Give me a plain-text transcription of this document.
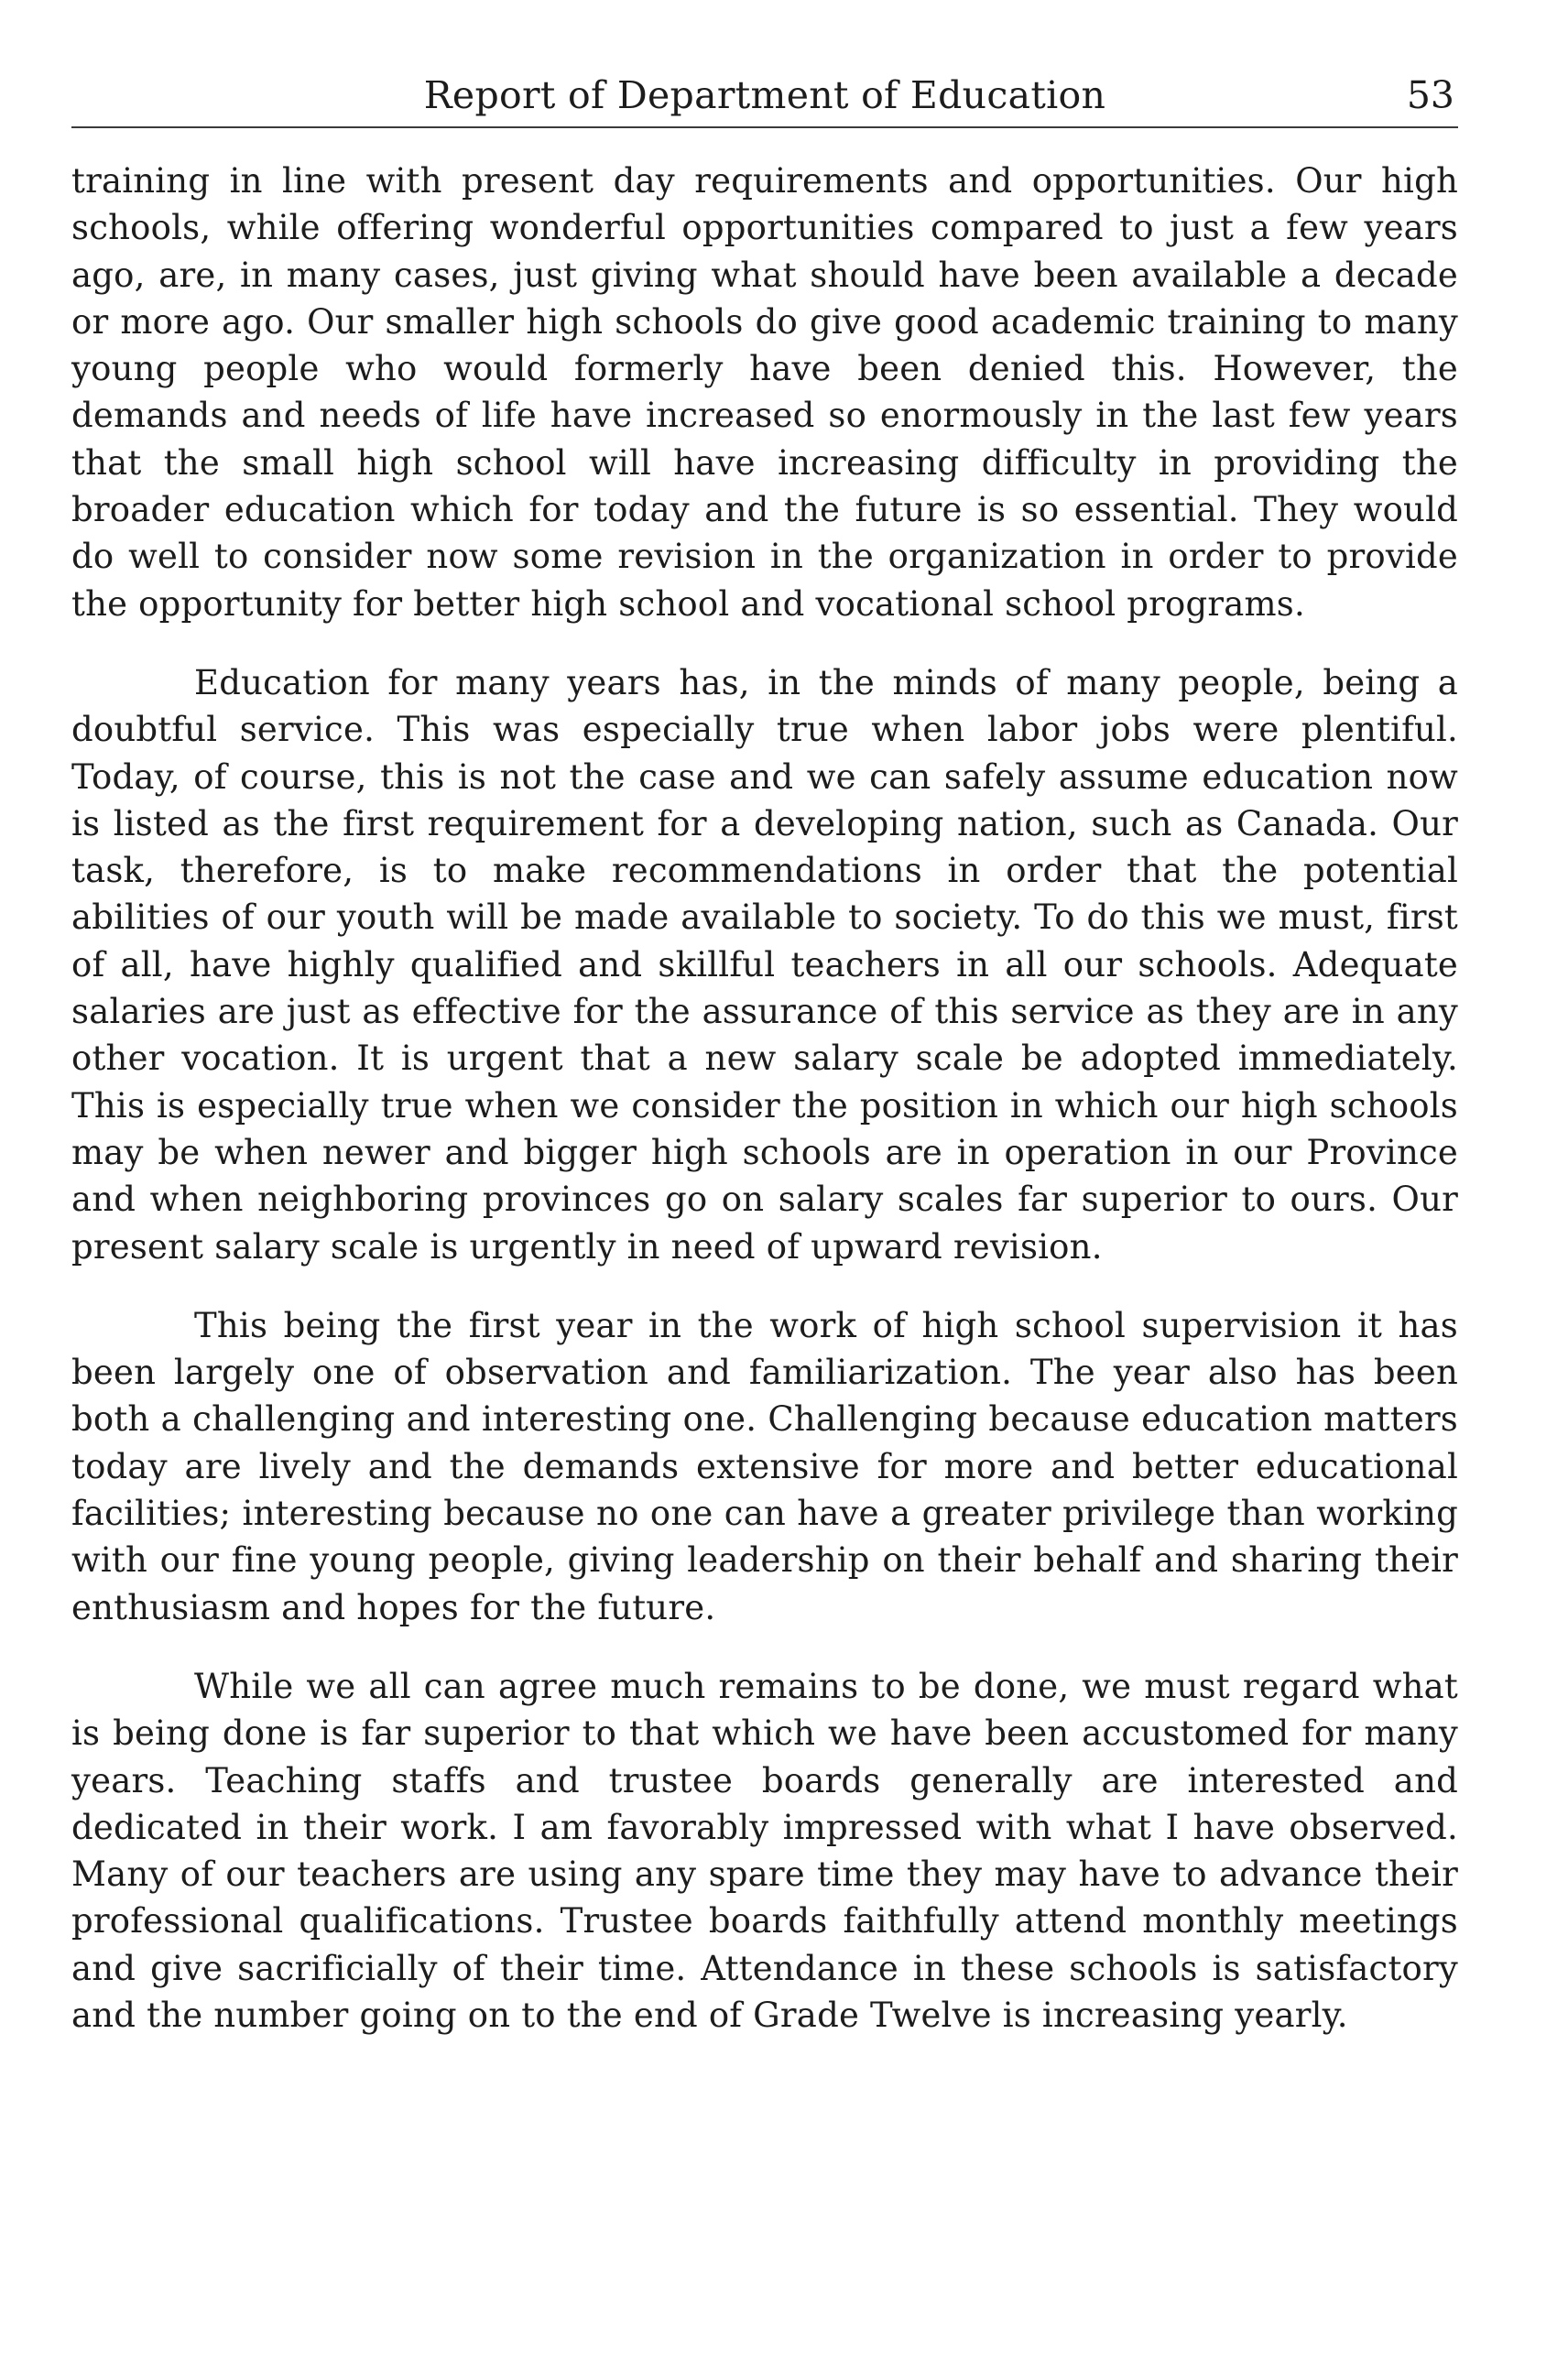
Report of Department of Education	53

training in line with present day requirements and opportunities. Our high schools, while offering wonderful opportunities compared to just a few years ago, are, in many cases, just giving what should have been available a decade or more ago. Our smaller high schools do give good academic training to many young people who would formerly have been denied this. However, the demands and needs of life have increased so enormously in the last few years that the small high school will have increasing difficulty in providing the broader education which for today and the future is so essential. They would do well to consider now some revision in the organization in order to provide the opportunity for better high school and vocational school programs.

Education for many years has, in the minds of many people, being a doubtful service. This was especially true when labor jobs were plentiful. Today, of course, this is not the case and we can safely assume education now is listed as the first requirement for a developing nation, such as Canada. Our task, therefore, is to make recommendations in order that the potential abilities of our youth will be made available to society. To do this we must, first of all, have highly qualified and skillful teachers in all our schools. Adequate salaries are just as effective for the assurance of this service as they are in any other vocation. It is urgent that a new salary scale be adopted immediately. This is especially true when we consider the position in which our high schools may be when newer and bigger high schools are in operation in our Province and when neighboring provinces go on salary scales far superior to ours. Our present salary scale is urgently in need of upward revision.

This being the first year in the work of high school supervision it has been largely one of observation and familiarization. The year also has been both a challenging and interesting one. Challenging because education matters today are lively and the demands extensive for more and better educational facilities; interesting because no one can have a greater privilege than working with our fine young people, giving leadership on their behalf and sharing their enthusiasm and hopes for the future.

While we all can agree much remains to be done, we must regard what is being done is far superior to that which we have been accustomed for many years. Teaching staffs and trustee boards generally are interested and dedicated in their work. I am favorably impressed with what I have observed. Many of our teachers are using any spare time they may have to advance their professional qualifications. Trustee boards faithfully attend monthly meetings and give sacrificially of their time. Attendance in these schools is satisfactory and the number going on to the end of Grade Twelve is increasing yearly.
